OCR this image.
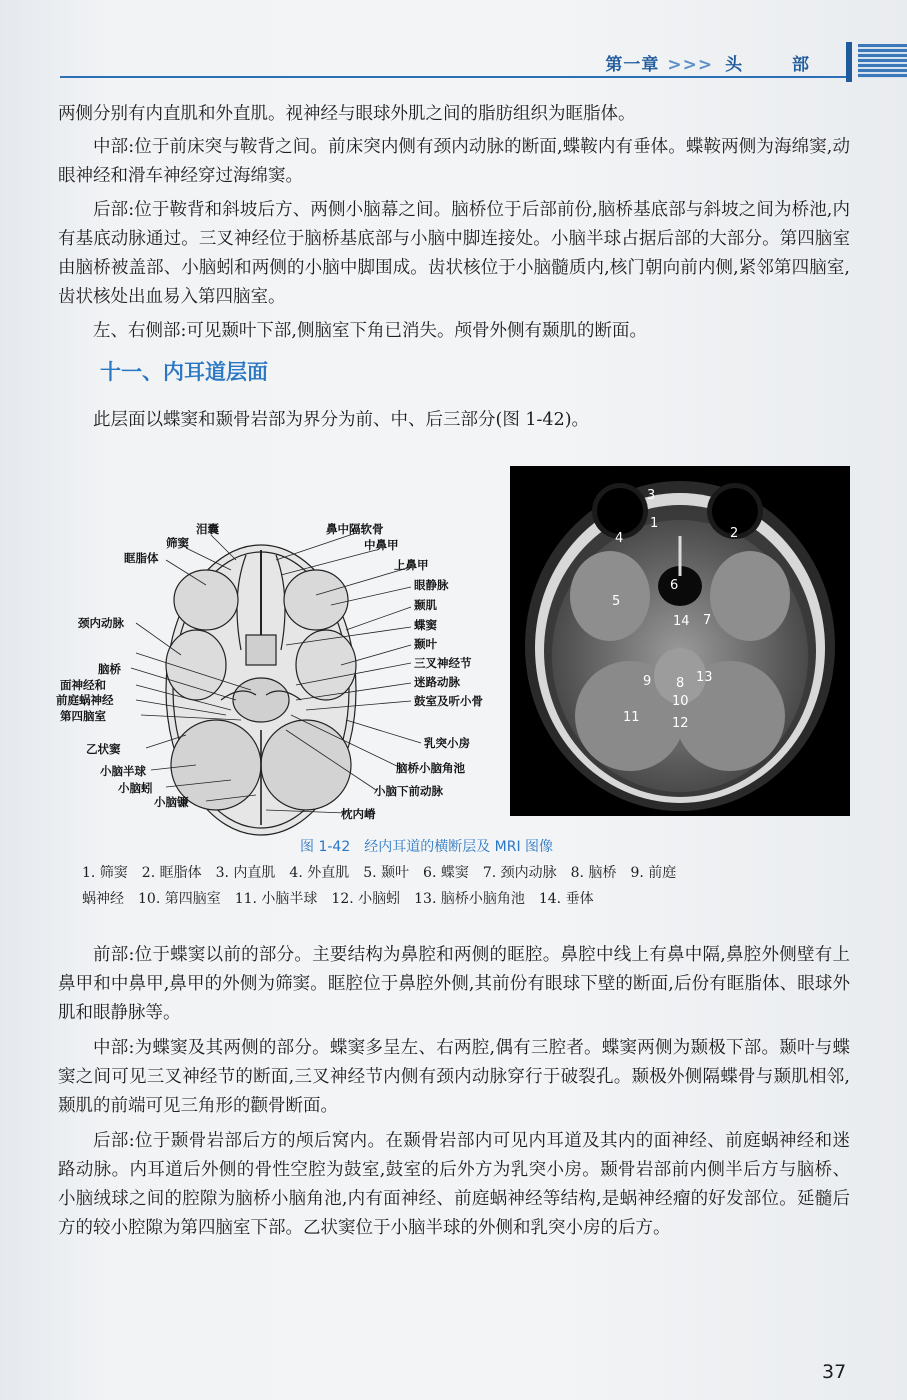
第一章 >>> 头 部

两侧分别有内直肌和外直肌。视神经与眼球外肌之间的脂肪组织为眶脂体。

中部:位于前床突与鞍背之间。前床突内侧有颈内动脉的断面,蝶鞍内有垂体。蝶鞍两侧为海绵窦,动眼神经和滑车神经穿过海绵窦。

后部:位于鞍背和斜坡后方、两侧小脑幕之间。脑桥位于后部前份,脑桥基底部与斜坡之间为桥池,内有基底动脉通过。三叉神经位于脑桥基底部与小脑中脚连接处。小脑半球占据后部的大部分。第四脑室由脑桥被盖部、小脑蚓和两侧的小脑中脚围成。齿状核位于小脑髓质内,核门朝向前内侧,紧邻第四脑室,齿状核处出血易入第四脑室。

左、右侧部:可见颞叶下部,侧脑室下角已消失。颅骨外侧有颞肌的断面。

十一、内耳道层面

此层面以蝶窦和颞骨岩部为界分为前、中、后三部分(图 1-42)。

泪囊
筛窦
眶脂体
鼻中隔软骨
中鼻甲
上鼻甲
眼静脉
颞肌
蝶窦
颞叶
三叉神经节
迷路动脉
鼓室及听小骨
乳突小房
脑桥小脑角池
小脑下前动脉
枕内嵴
颈内动脉
脑桥
面神经和
前庭蜗神经
第四脑室
乙状窦
小脑半球
小脑蚓
小脑镰
1
2
3
4
5
6
7
8
9
10
11 12
13
14
图 1-42　经内耳道的横断层及 MRI 图像
1. 筛窦　2. 眶脂体　3. 内直肌　4. 外直肌　5. 颞叶　6. 蝶窦　7. 颈内动脉　8. 脑桥　9. 前庭
蜗神经　10. 第四脑室　11. 小脑半球　12. 小脑蚓　13. 脑桥小脑角池　14. 垂体

前部:位于蝶窦以前的部分。主要结构为鼻腔和两侧的眶腔。鼻腔中线上有鼻中隔,鼻腔外侧壁有上鼻甲和中鼻甲,鼻甲的外侧为筛窦。眶腔位于鼻腔外侧,其前份有眼球下壁的断面,后份有眶脂体、眼球外肌和眼静脉等。

中部:为蝶窦及其两侧的部分。蝶窦多呈左、右两腔,偶有三腔者。蝶窦两侧为颞极下部。颞叶与蝶窦之间可见三叉神经节的断面,三叉神经节内侧有颈内动脉穿行于破裂孔。颞极外侧隔蝶骨与颞肌相邻,颞肌的前端可见三角形的颧骨断面。

后部:位于颞骨岩部后方的颅后窝内。在颞骨岩部内可见内耳道及其内的面神经、前庭蜗神经和迷路动脉。内耳道后外侧的骨性空腔为鼓室,鼓室的后外方为乳突小房。颞骨岩部前内侧半后方与脑桥、小脑绒球之间的腔隙为脑桥小脑角池,内有面神经、前庭蜗神经等结构,是蜗神经瘤的好发部位。延髓后方的较小腔隙为第四脑室下部。乙状窦位于小脑半球的外侧和乳突小房的后方。

37
